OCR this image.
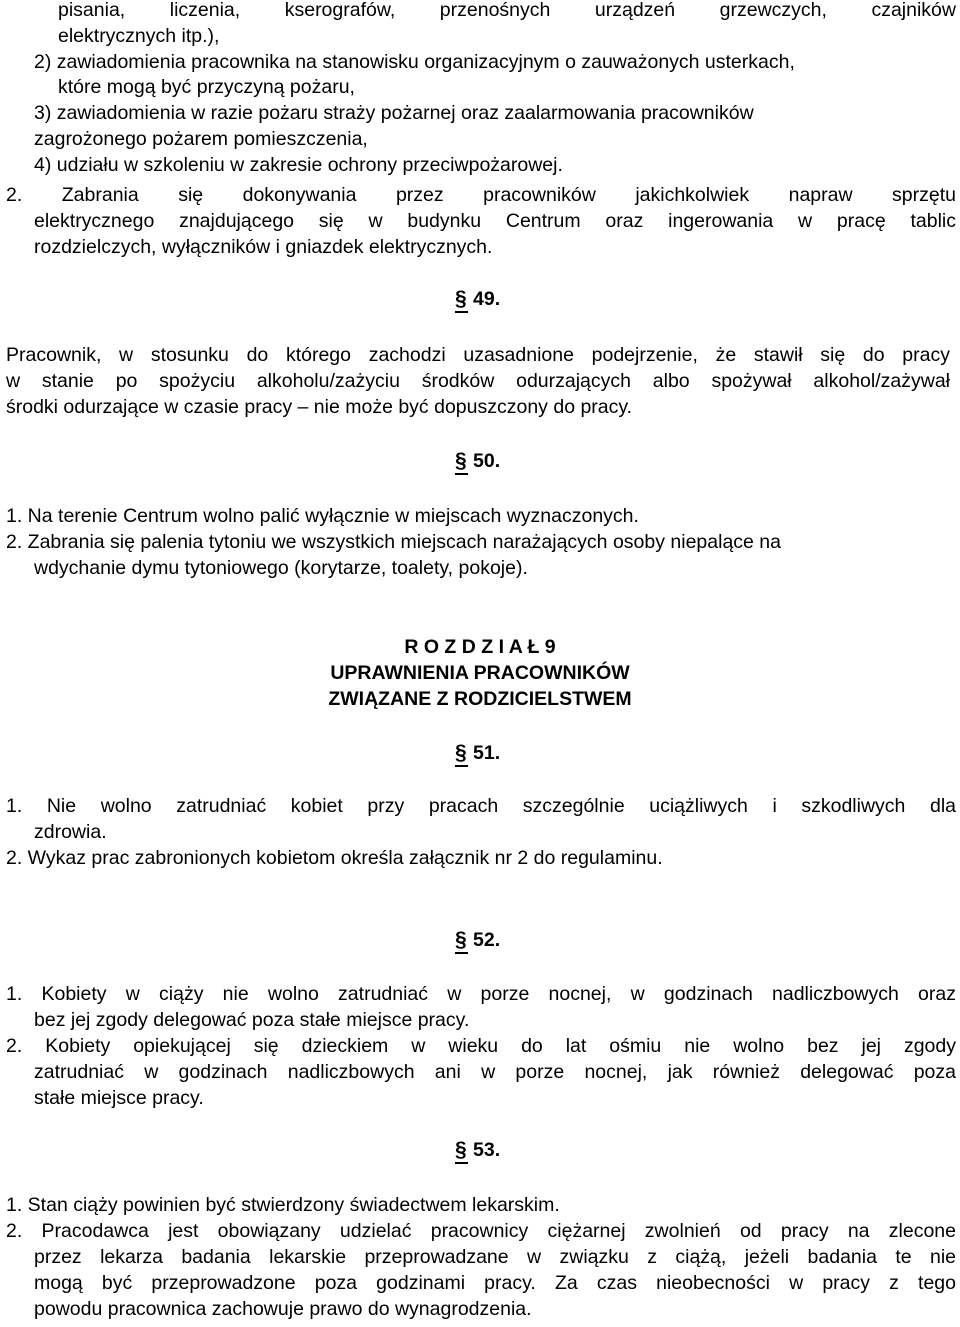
pisania, liczenia, kserografów, przenośnych urządzeń grzewczych, czajników

elektrycznych itp.),

2) zawiadomienia pracownika na stanowisku organizacyjnym o zauważonych usterkach,

które mogą być przyczyną pożaru,

3) zawiadomienia w razie pożaru straży pożarnej oraz zaalarmowania pracowników

zagrożonego pożarem pomieszczenia,

4) udziału w szkoleniu w zakresie ochrony przeciwpożarowej.

2. Zabrania się dokonywania przez pracowników jakichkolwiek napraw sprzętu

elektrycznego znajdującego się w budynku Centrum oraz ingerowania w pracę tablic

rozdzielczych, wyłączników i gniazdek elektrycznych.

§ 49.

Pracownik, w stosunku do którego zachodzi uzasadnione podejrzenie, że stawił się do pracy

w stanie po spożyciu alkoholu/zażyciu środków odurzających albo spożywał alkohol/zażywał

środki odurzające w czasie pracy – nie może być dopuszczony do pracy.

§ 50.

1. Na terenie Centrum wolno palić wyłącznie w miejscach wyznaczonych.

2. Zabrania się palenia tytoniu we wszystkich miejscach narażających osoby niepalące na

wdychanie dymu tytoniowego (korytarze, toalety, pokoje).

R O Z D Z I A Ł 9
UPRAWNIENIA PRACOWNIKÓW
ZWIĄZANE Z RODZICIELSTWEM
§ 51.

1. Nie wolno zatrudniać kobiet przy pracach szczególnie uciążliwych i szkodliwych dla

zdrowia.

2. Wykaz prac zabronionych kobietom określa załącznik nr 2 do regulaminu.

§ 52.

1. Kobiety w ciąży nie wolno zatrudniać w porze nocnej, w godzinach nadliczbowych oraz

bez jej zgody delegować poza stałe miejsce pracy.

2. Kobiety opiekującej się dzieckiem w wieku do lat ośmiu nie wolno bez jej zgody

zatrudniać w godzinach nadliczbowych ani w porze nocnej, jak również delegować poza

stałe miejsce pracy.

§ 53.

1. Stan ciąży powinien być stwierdzony świadectwem lekarskim.

2. Pracodawca jest obowiązany udzielać pracownicy ciężarnej zwolnień od pracy na zlecone

przez lekarza badania lekarskie przeprowadzane w związku z ciążą, jeżeli badania te nie

mogą być przeprowadzone poza godzinami pracy. Za czas nieobecności w pracy z tego

powodu pracownica zachowuje prawo do wynagrodzenia.
